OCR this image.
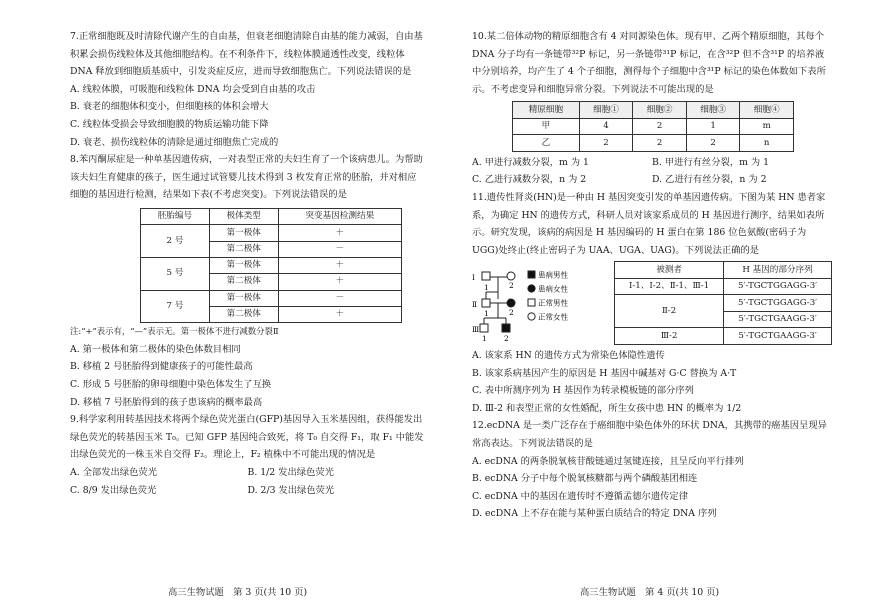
7.正常细胞既及时清除代谢产生的自由基，但衰老细胞清除自由基的能力减弱，自由基积累会损伤线粒体及其他细胞结构。在不利条件下，线粒体膜通透性改变，线粒体 DNA 释放到细胞质基质中，引发炎症反应，进而导致细胞焦亡。下列说法错误的是

A. 线粒体膜，可吸胞和线粒体 DNA 均会受到自由基的攻击

B. 衰老的细胞体积变小，但细胞核的体积会增大

C. 线粒体受损会导致细胞膜的物质运输功能下降

D. 衰老、损伤线粒体的清除是通过细胞焦亡完成的

8.苯丙酮尿症是一种单基因遗传病，一对表型正常的夫妇生育了一个该病患儿。为帮助该夫妇生育健康的孩子，医生通过试管婴儿技术得到 3 枚发育正常的胚胎，并对相应细胞的基因进行检测，结果如下表(不考虑突变)。下列说法错误的是

胚胎编号	极体类型	突变基因检测结果
2 号	第一极体	＋
	第二极体	－
5 号	第一极体	＋
	第二极体	＋
7 号	第一极体	－
	第二极体	＋

注:“+”表示有，“—”表示无。第一极体不进行减数分裂Ⅱ

A. 第一极体和第二极体的染色体数目相同

B. 移植 2 号胚胎得到健康孩子的可能性最高

C. 形成 5 号胚胎的卵母细胞中染色体发生了互换

D. 移植 7 号胚胎得到的孩子患该病的概率最高

9.科学家利用转基因技术将两个绿色荧光蛋白(GFP)基因导入玉米基因组，获得能发出绿色荧光的转基因玉米 T₀。已知 GFP 基因纯合致死，将 T₀ 自交得 F₁，取 F₁ 中能发出绿色荧光的一株玉米自交得 F₂。理论上，F₂ 植株中不可能出现的情况是

A. 全部发出绿色荧光	B. 1/2 发出绿色荧光

C. 8/9 发出绿色荧光	D. 2/3 发出绿色荧光

10.某二倍体动物的精原细胞含有 4 对同源染色体。现有甲、乙两个精原细胞，其每个 DNA 分子均有一条链带³²P 标记，另一条链带³¹P 标记，在含³²P 但不含³¹P 的培养液中分别培养，均产生了 4 个子细胞，测得每个子细胞中含³¹P 标记的染色体数如下表所示。不考虑变异和细胞异常分裂。下列说法不可能出现的是

精原细胞	细胞①	细胞②	细胞③	细胞④
甲	4	2	1	m
乙	2	2	2	n

A. 甲进行减数分裂，m 为 1	B. 甲进行有丝分裂，m 为 1

C. 乙进行减数分裂，n 为 2	D. 乙进行有丝分裂，n 为 2

11.遗传性肾炎(HN)是一种由 H 基因突变引发的单基因遗传病。下图为某 HN 患者家系，为确定 HN 的遗传方式，科研人员对该家系成员的 H 基因进行测序，结果如表所示。研究发现，该病的病因是 H 基因编码的 H 蛋白在第 186 位色氨酸(密码子为 UGG)处终止(终止密码子为 UAA、UGA、UAG)。下列说法正确的是

Ⅰ
Ⅱ
Ⅲ
1	2
1	2
1 2
患病男性
患病女性
正常男性
正常女性
被测者	H 基因的部分序列
Ⅰ-1、Ⅰ-2、Ⅱ-1、Ⅲ-1	5′-TGCTGGAGG-3′
Ⅱ-2	5′-TGCTGGAGG-3′
	5′-TGCTGAAGG-3′
Ⅲ-2	5′-TGCTGAAGG-3′

A. 该家系 HN 的遗传方式为常染色体隐性遗传

B. 该家系病基因产生的原因是 H 基因中碱基对 G·C 替换为 A·T

C. 表中所测序列为 H 基因作为转录模板链的部分序列

D. Ⅲ-2 和表型正常的女性婚配，所生女孩中患 HN 的概率为 1/2

12.ecDNA 是一类广泛存在于癌细胞中染色体外的环状 DNA，其携带的癌基因呈现异常高表达。下列说法错误的是

A. ecDNA 的两条脱氧核苷酸链通过氢键连接，且呈反向平行排列

B. ecDNA 分子中每个脱氧核糖都与两个磷酸基团相连

C. ecDNA 中的基因在遗传时不遵循孟德尔遗传定律

D. ecDNA 上不存在能与某种蛋白质结合的特定 DNA 序列

高三生物试题　第 3 页(共 10 页)	高三生物试题　第 4 页(共 10 页)
